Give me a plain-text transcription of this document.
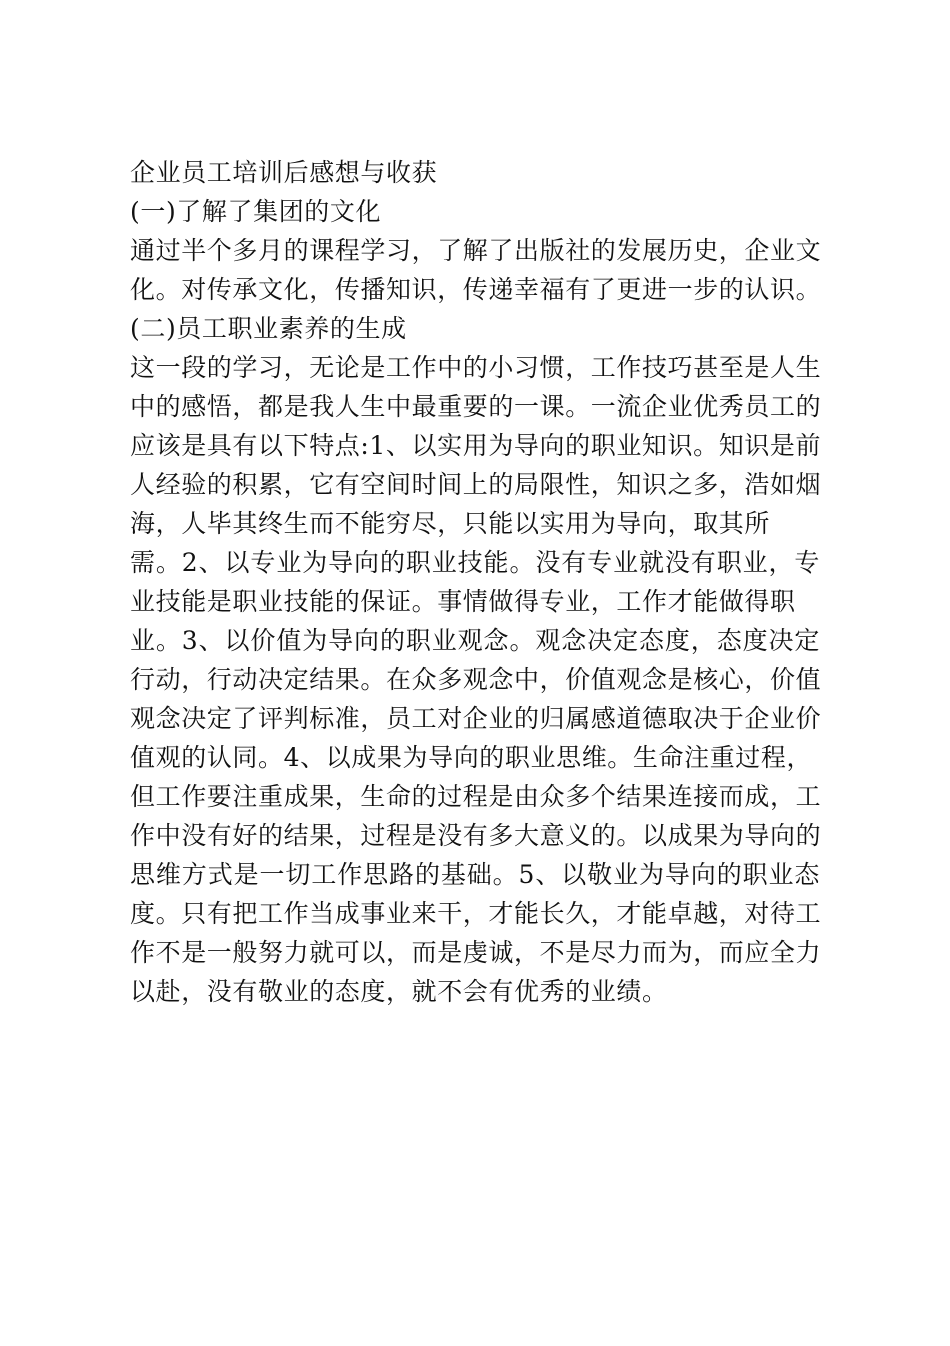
企业员工培训后感想与收获
(一)了解了集团的文化
通过半个多月的课程学习，了解了出版社的发展历史，企业文
化。对传承文化，传播知识，传递幸福有了更进一步的认识。
(二)员工职业素养的生成
这一段的学习，无论是工作中的小习惯，工作技巧甚至是人生
中的感悟，都是我人生中最重要的一课。一流企业优秀员工的
应该是具有以下特点:1、以实用为导向的职业知识。知识是前
人经验的积累，它有空间时间上的局限性，知识之多，浩如烟
海，人毕其终生而不能穷尽，只能以实用为导向，取其所
需。2、以专业为导向的职业技能。没有专业就没有职业，专
业技能是职业技能的保证。事情做得专业，工作才能做得职
业。3、以价值为导向的职业观念。观念决定态度，态度决定
行动，行动决定结果。在众多观念中，价值观念是核心，价值
观念决定了评判标准，员工对企业的归属感道德取决于企业价
值观的认同。4、以成果为导向的职业思维。生命注重过程，
但工作要注重成果，生命的过程是由众多个结果连接而成，工
作中没有好的结果，过程是没有多大意义的。以成果为导向的
思维方式是一切工作思路的基础。5、以敬业为导向的职业态
度。只有把工作当成事业来干，才能长久，才能卓越，对待工
作不是一般努力就可以，而是虔诚，不是尽力而为，而应全力
以赴，没有敬业的态度，就不会有优秀的业绩。
